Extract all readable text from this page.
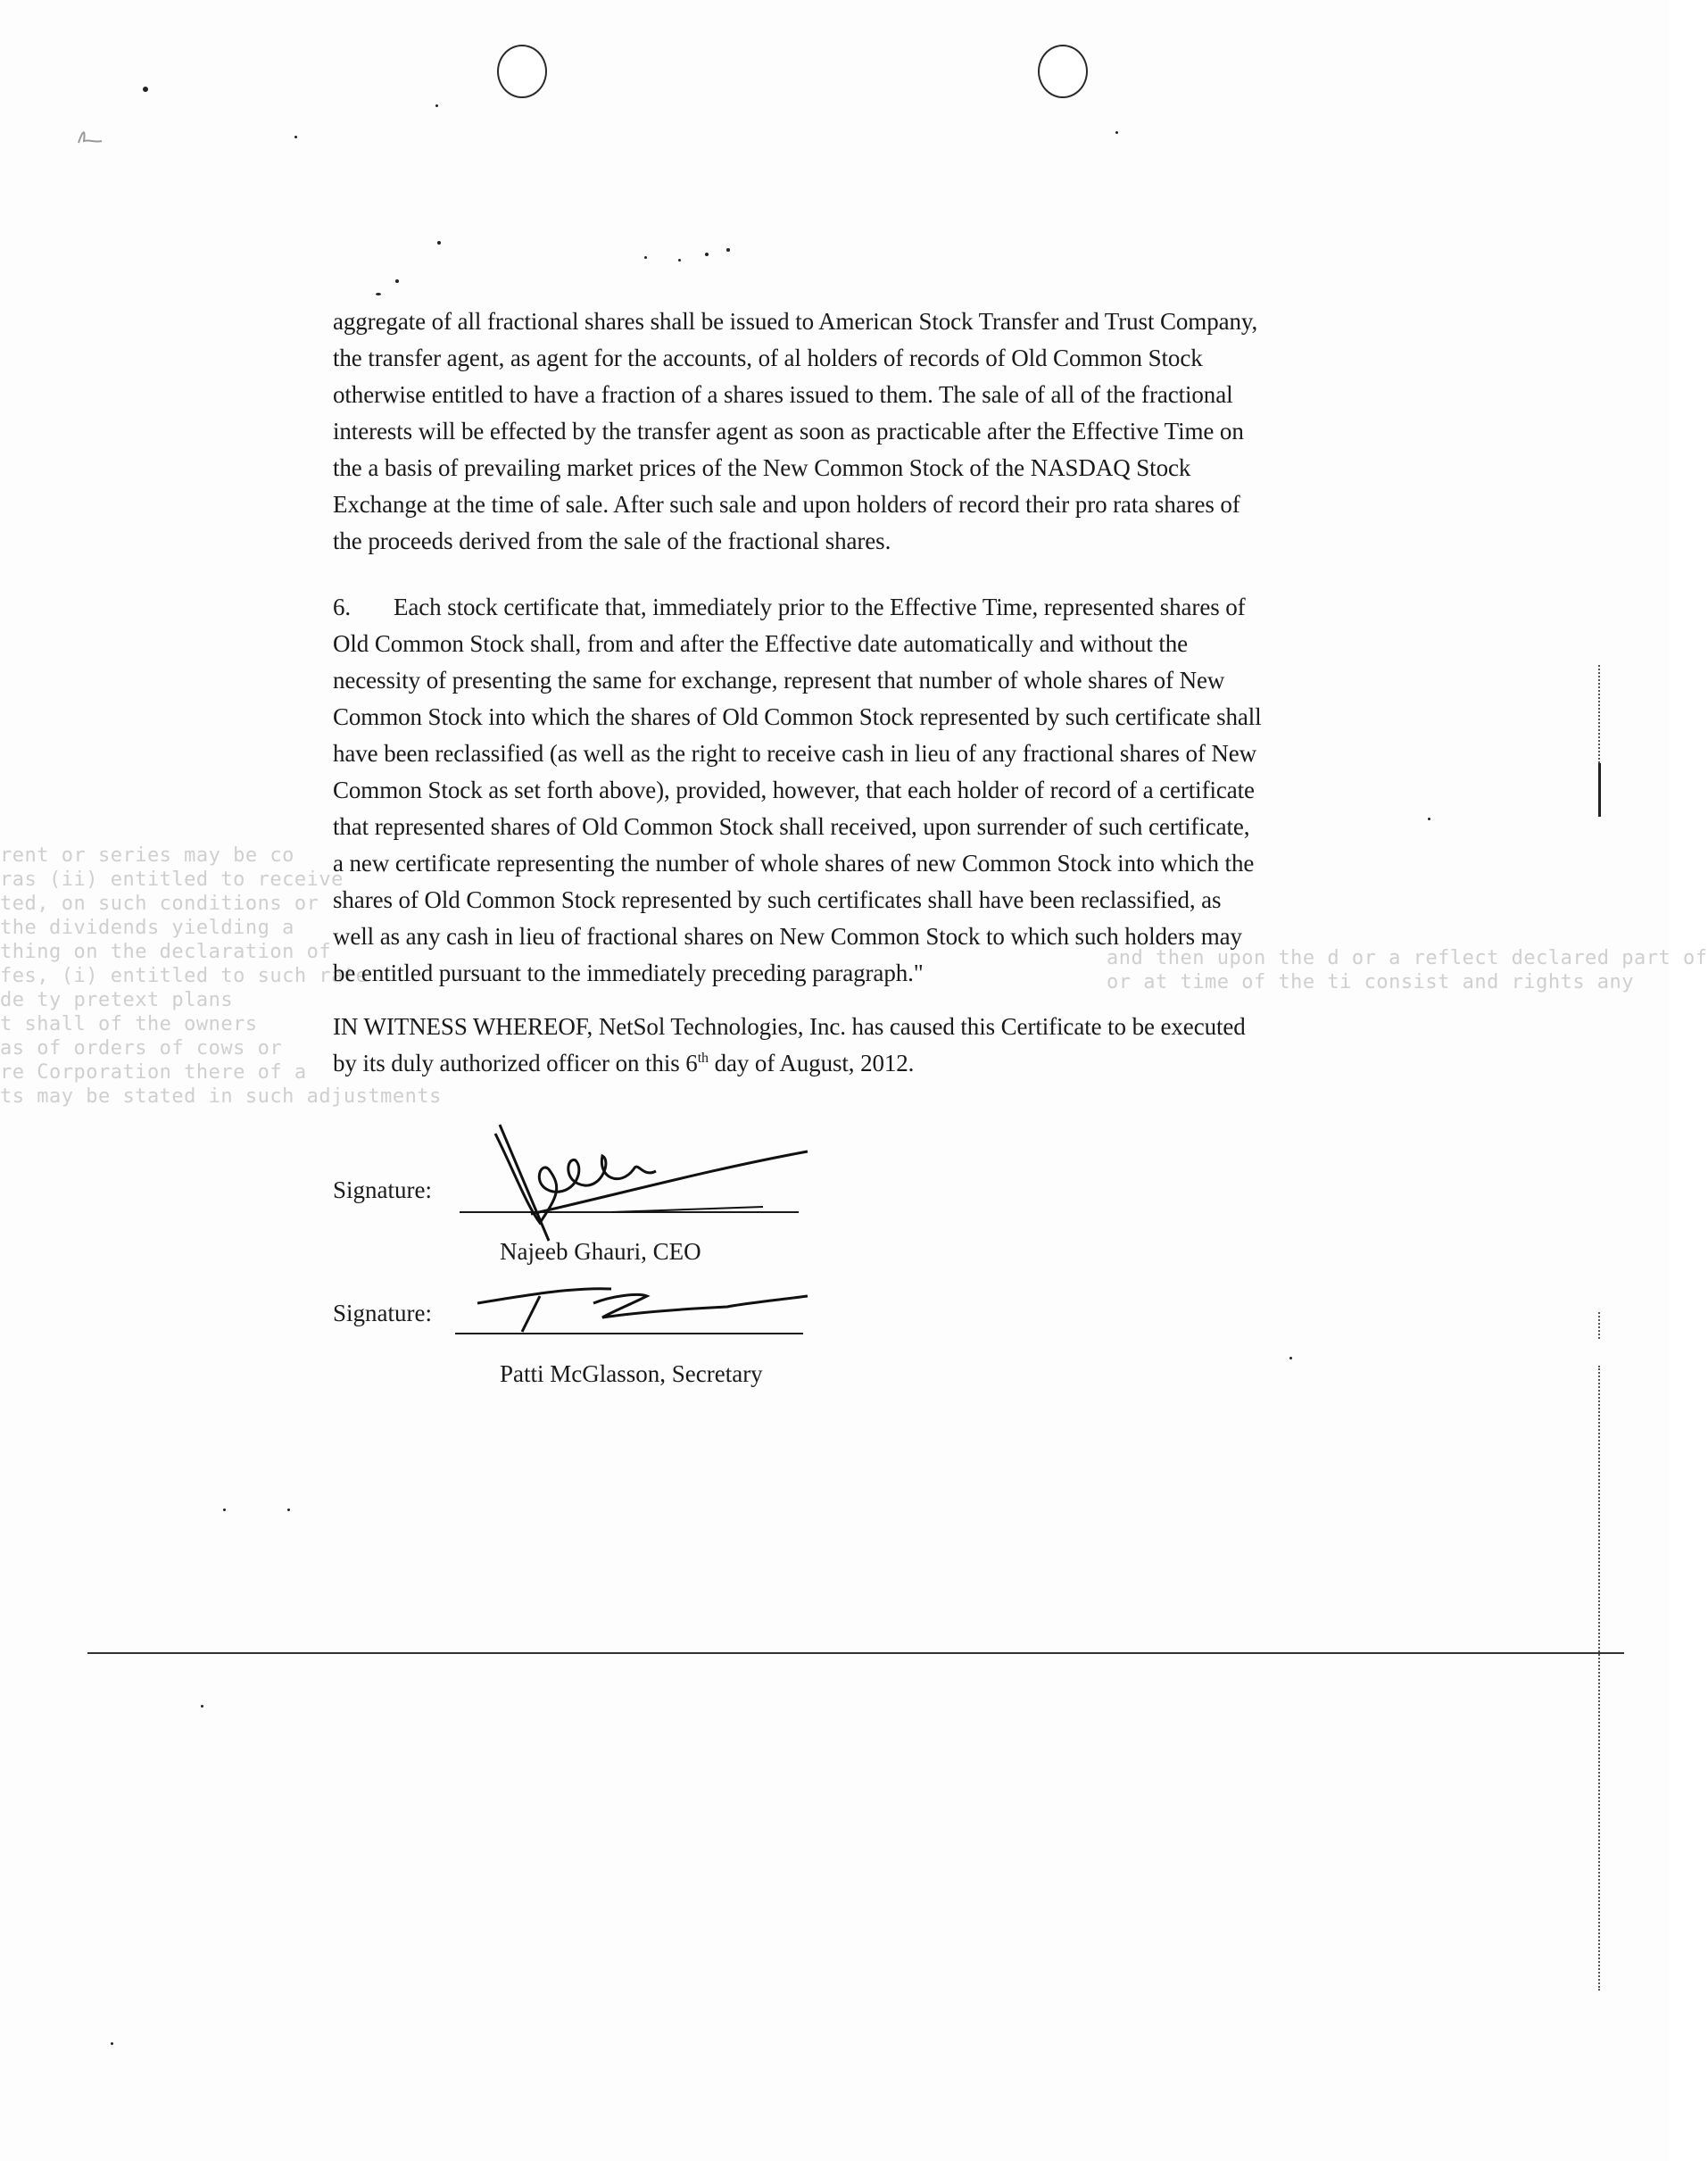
rent or series may be co
ras (ii) entitled to receive
ted, on such conditions or
the dividends yielding a
thing on the declaration of
fes, (i) entitled to such rate
de ty pretext plans
t shall of the owners
as of orders of cows or
re Corporation there of a
ts may be stated in such adjustments
and then upon the d or a reflect declared part of
or at time of the ti consist and rights any
aggregate of all fractional shares shall be issued to American Stock Transfer and Trust Company,
the transfer agent, as agent for the accounts, of al holders of records of Old Common Stock
otherwise entitled to have a fraction of a shares issued to them. The sale of all of the fractional
interests will be effected by the transfer agent as soon as practicable after the Effective Time on
the a basis of prevailing market prices of the New Common Stock of the NASDAQ Stock
Exchange at the time of sale. After such sale and upon holders of record their pro rata shares of
the proceeds derived from the sale of the fractional shares.
6. Each stock certificate that, immediately prior to the Effective Time, represented shares of
Old Common Stock shall, from and after the Effective date automatically and without the
necessity of presenting the same for exchange, represent that number of whole shares of New
Common Stock into which the shares of Old Common Stock represented by such certificate shall
have been reclassified (as well as the right to receive cash in lieu of any fractional shares of New
Common Stock as set forth above), provided, however, that each holder of record of a certificate
that represented shares of Old Common Stock shall received, upon surrender of such certificate,
a new certificate representing the number of whole shares of new Common Stock into which the
shares of Old Common Stock represented by such certificates shall have been reclassified, as
well as any cash in lieu of fractional shares on New Common Stock to which such holders may
be entitled pursuant to the immediately preceding paragraph."
IN WITNESS WHEREOF, NetSol Technologies, Inc. has caused this Certificate to be executed
by its duly authorized officer on this 6th day of August, 2012.
Signature:
Najeeb Ghauri, CEO
Signature:
Patti McGlasson, Secretary
